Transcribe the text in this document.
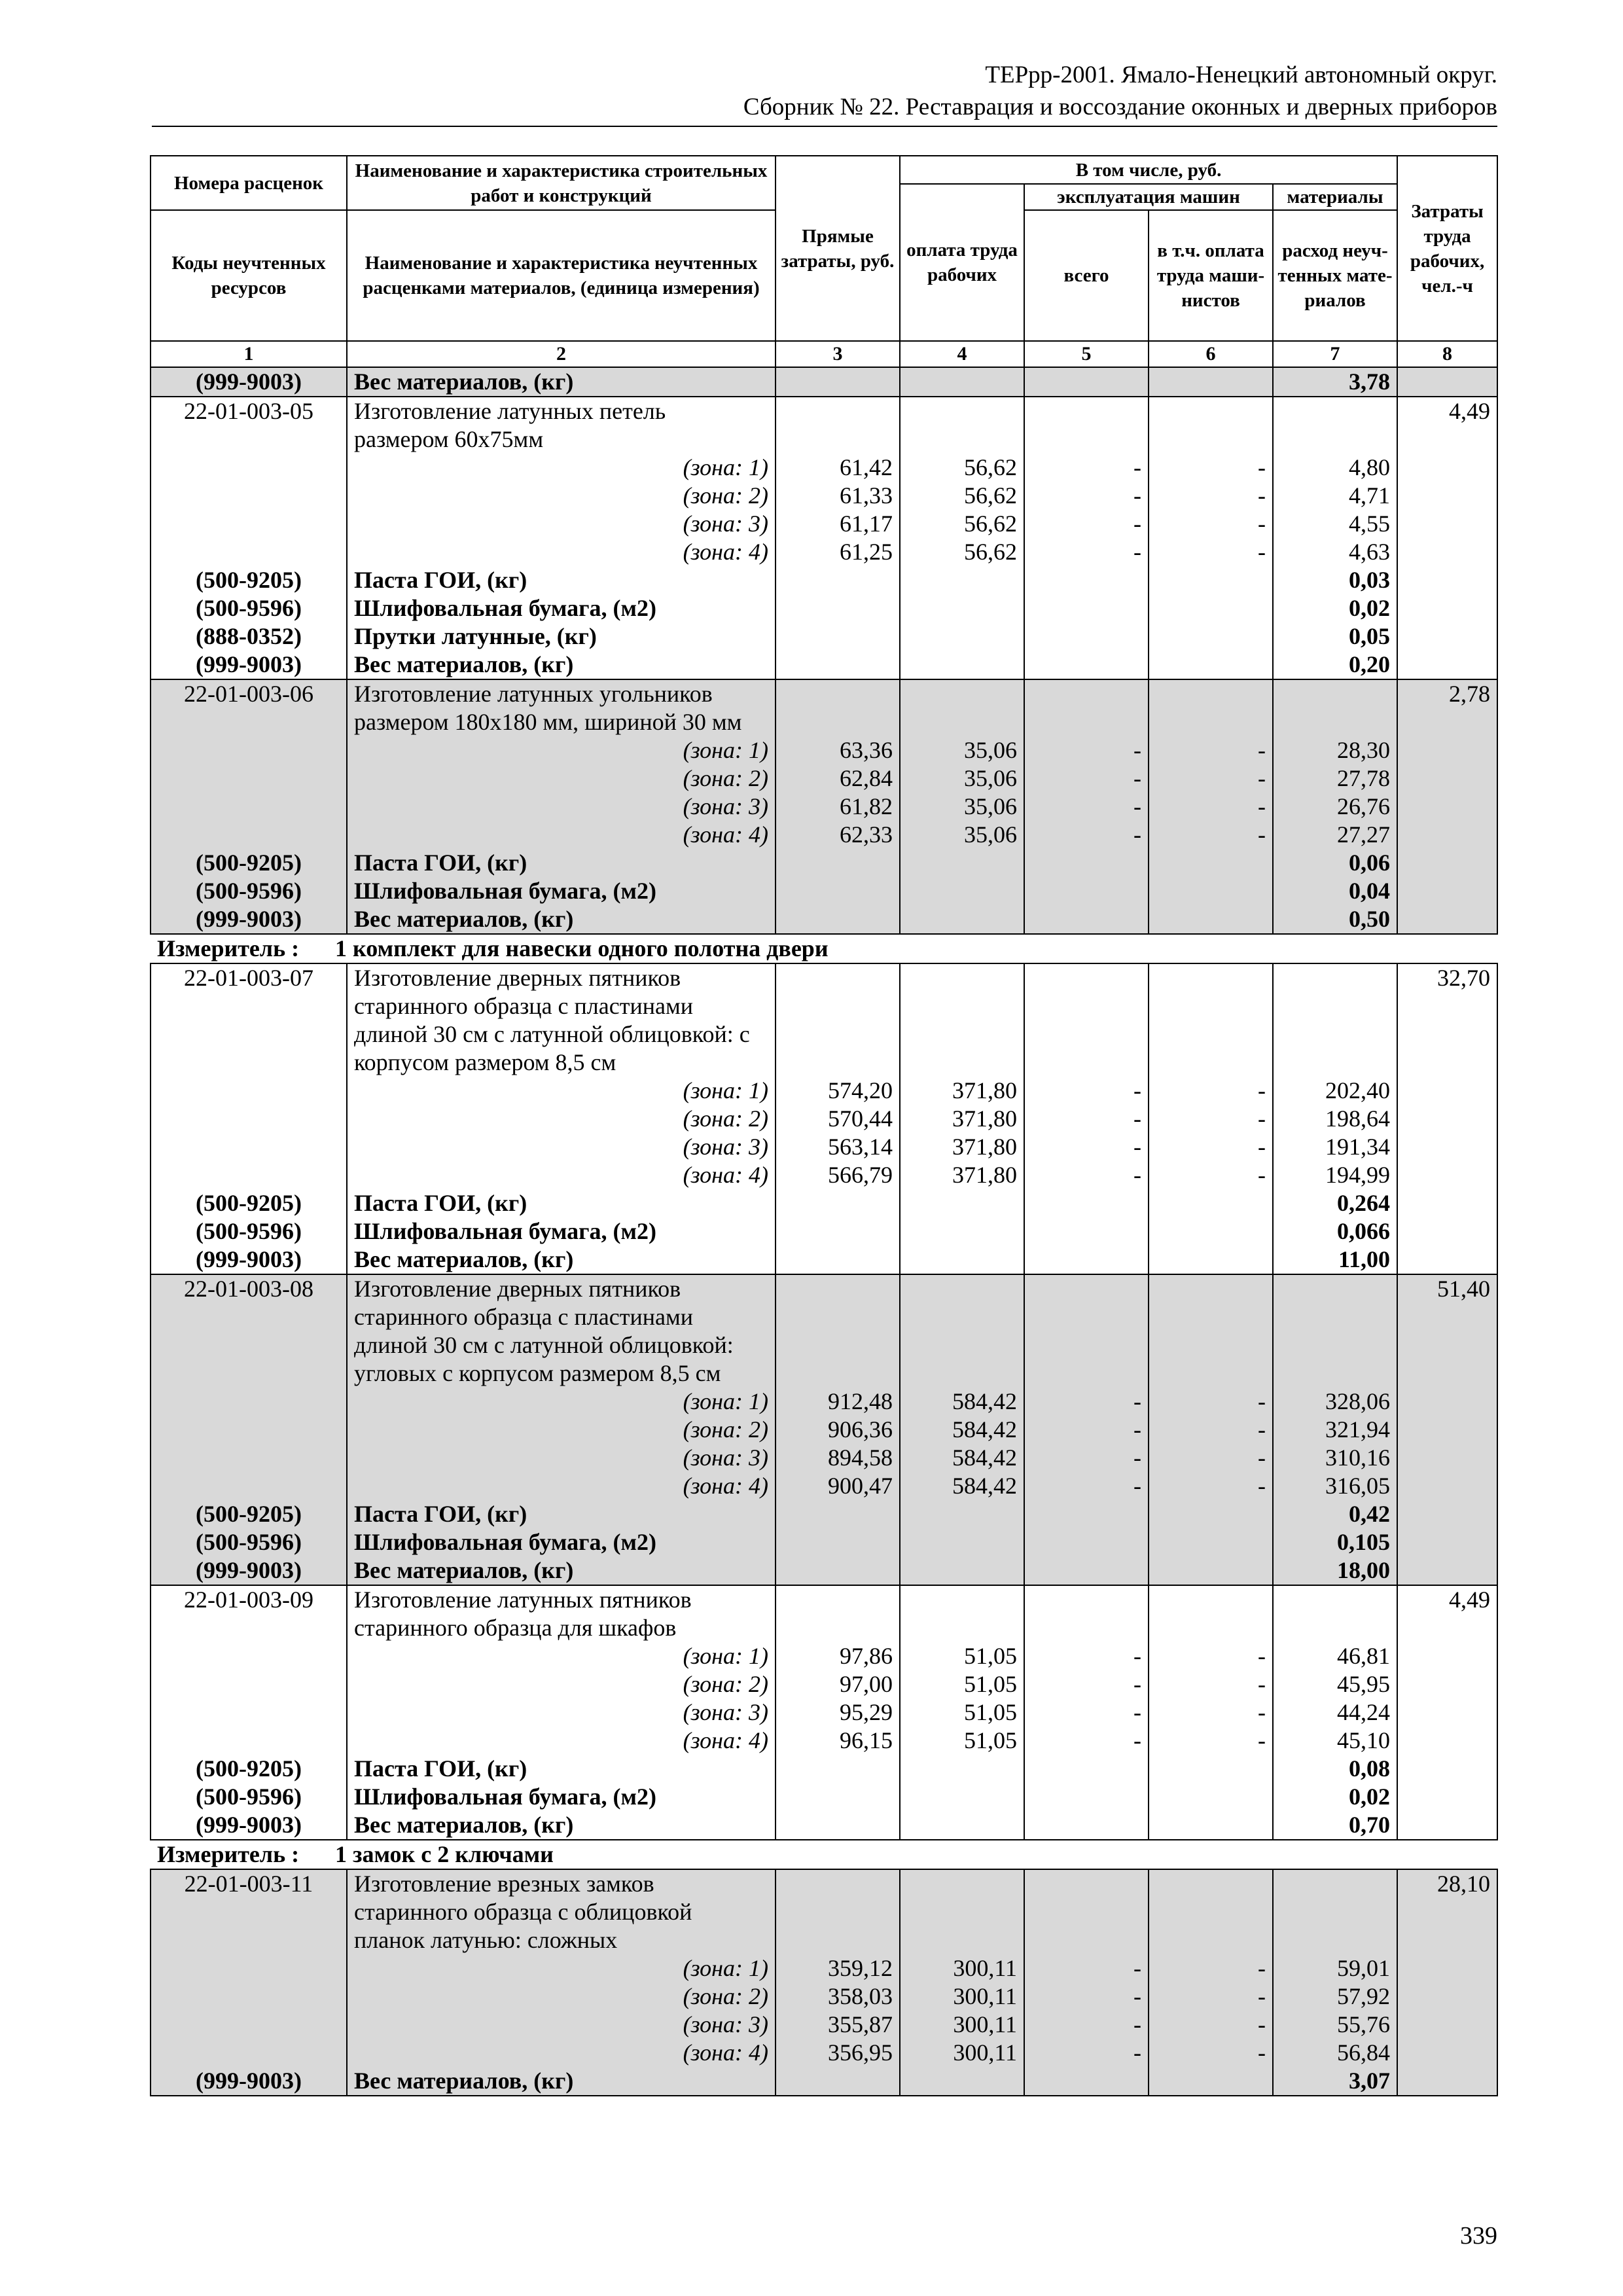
ТЕРрр-2001. Ямало-Ненецкий автономный округ.
Сборник № 22. Реставрация и воссоздание оконных и дверных приборов
Номера расценок	Наименование и характеристика строительных работ и конструкций	Прямые затраты, руб.	В том числе, руб.				Затраты труда рабочих, чел.-ч
			оплата труда рабочих	эксплуатация машин		материалы	
Коды неучтенных ресурсов	Наименование и характеристика неучтенных расценками материалов, (единица измерения)			всего	в т.ч. оплата труда маши-нистов	расход неуч-тенных мате-риалов	

1	2	3	4	5	6	7	8
(999-9003)	Вес материалов, (кг)					3,78	
22-01-003-05	Изготовление латунных петель						4,49
	размером 60х75мм						
	(зона: 1)	61,42	56,62	-	-	4,80	
	(зона: 2)	61,33	56,62	-	-	4,71	
	(зона: 3)	61,17	56,62	-	-	4,55	
	(зона: 4)	61,25	56,62	-	-	4,63	
(500-9205)	Паста ГОИ, (кг)					0,03	
(500-9596)	Шлифовальная бумага, (м2)					0,02	
(888-0352)	Прутки латунные, (кг)					0,05	
(999-9003)	Вес материалов, (кг)					0,20	
22-01-003-06	Изготовление латунных угольников						2,78
	размером 180х180 мм, шириной 30 мм						
	(зона: 1)	63,36	35,06	-	-	28,30	
	(зона: 2)	62,84	35,06	-	-	27,78	
	(зона: 3)	61,82	35,06	-	-	26,76	
	(зона: 4)	62,33	35,06	-	-	27,27	
(500-9205)	Паста ГОИ, (кг)					0,06	
(500-9596)	Шлифовальная бумага, (м2)					0,04	
(999-9003)	Вес материалов, (кг)					0,50	
Измеритель : 1 комплект для навески одного полотна двери							
22-01-003-07	Изготовление дверных пятников						32,70
	старинного образца с пластинами						
	длиной 30 см с латунной облицовкой: с						
	корпусом размером 8,5 см						
	(зона: 1)	574,20	371,80	-	-	202,40	
	(зона: 2)	570,44	371,80	-	-	198,64	
	(зона: 3)	563,14	371,80	-	-	191,34	
	(зона: 4)	566,79	371,80	-	-	194,99	
(500-9205)	Паста ГОИ, (кг)					0,264	
(500-9596)	Шлифовальная бумага, (м2)					0,066	
(999-9003)	Вес материалов, (кг)					11,00	
22-01-003-08	Изготовление дверных пятников						51,40
	старинного образца с пластинами						
	длиной 30 см с латунной облицовкой:						
	угловых с корпусом размером 8,5 см						
	(зона: 1)	912,48	584,42	-	-	328,06	
	(зона: 2)	906,36	584,42	-	-	321,94	
	(зона: 3)	894,58	584,42	-	-	310,16	
	(зона: 4)	900,47	584,42	-	-	316,05	
(500-9205)	Паста ГОИ, (кг)					0,42	
(500-9596)	Шлифовальная бумага, (м2)					0,105	
(999-9003)	Вес материалов, (кг)					18,00	
22-01-003-09	Изготовление латунных пятников						4,49
	старинного образца для шкафов						
	(зона: 1)	97,86	51,05	-	-	46,81	
	(зона: 2)	97,00	51,05	-	-	45,95	
	(зона: 3)	95,29	51,05	-	-	44,24	
	(зона: 4)	96,15	51,05	-	-	45,10	
(500-9205)	Паста ГОИ, (кг)					0,08	
(500-9596)	Шлифовальная бумага, (м2)					0,02	
(999-9003)	Вес материалов, (кг)					0,70	
Измеритель : 1 замок с 2 ключами							
22-01-003-11	Изготовление врезных замков						28,10
	старинного образца с облицовкой						
	планок латунью: сложных						
	(зона: 1)	359,12	300,11	-	-	59,01	
	(зона: 2)	358,03	300,11	-	-	57,92	
	(зона: 3)	355,87	300,11	-	-	55,76	
	(зона: 4)	356,95	300,11	-	-	56,84	
(999-9003)	Вес материалов, (кг)					3,07	
339
